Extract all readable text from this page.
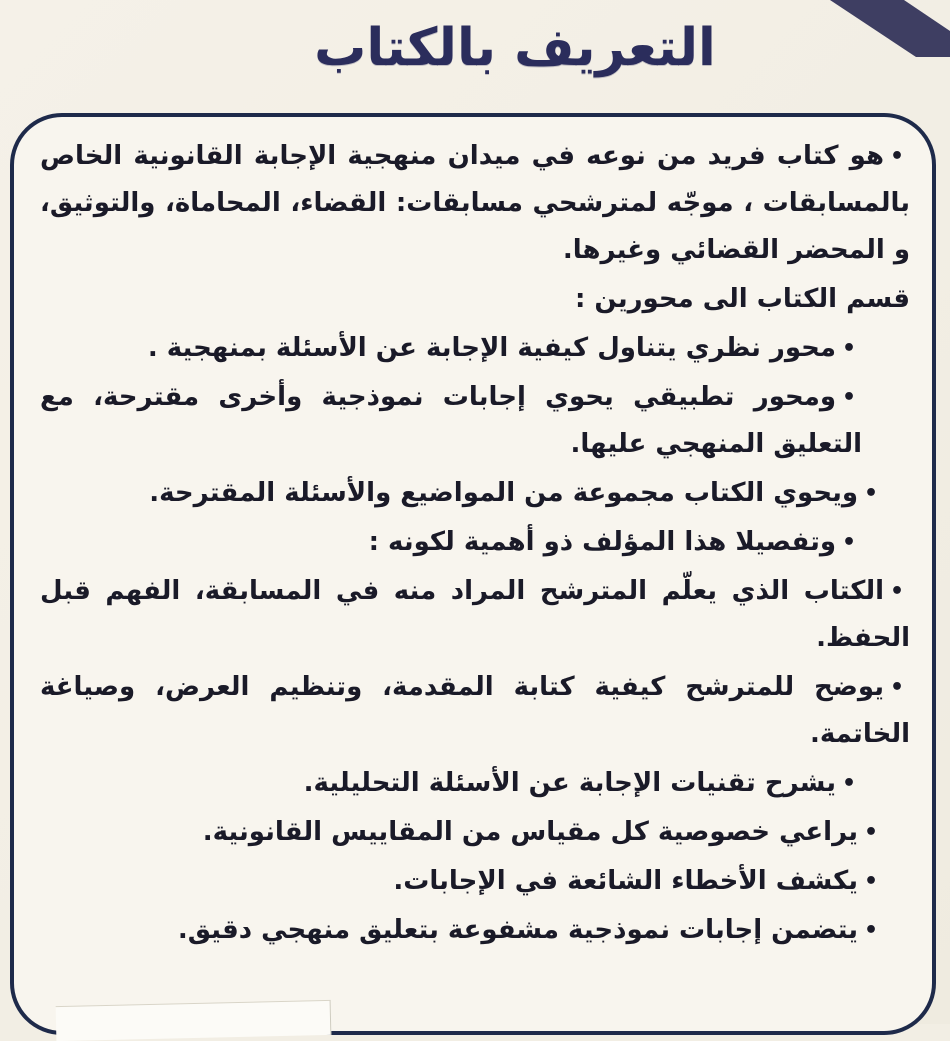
التعريف بالكتاب
•
هو كتاب فريد من نوعه في ميدان منهجية الإجابة القانونية الخاص بالمسابقات ، موجّه لمترشحي مسابقات: القضاء، المحاماة، والتوثيق، و المحضر القضائي وغيرها.
قسم الكتاب الى محورين :
•
محور نظري يتناول كيفية الإجابة عن الأسئلة بمنهجية .
•
ومحور تطبيقي يحوي إجابات نموذجية وأخرى مقترحة، مع التعليق المنهجي عليها.
•
ويحوي الكتاب مجموعة من المواضيع والأسئلة المقترحة.
•
وتفصيلا هذا المؤلف ذو أهمية لكونه :
•
الكتاب الذي يعلّم المترشح المراد منه في المسابقة، الفهم قبل الحفظ.
•
يوضح للمترشح كيفية كتابة المقدمة، وتنظيم العرض، وصياغة الخاتمة.
•
يشرح تقنيات الإجابة عن الأسئلة التحليلية.
•
يراعي خصوصية كل مقياس من المقاييس القانونية.
•
يكشف الأخطاء الشائعة في الإجابات.
•
يتضمن إجابات نموذجية مشفوعة بتعليق منهجي دقيق.
